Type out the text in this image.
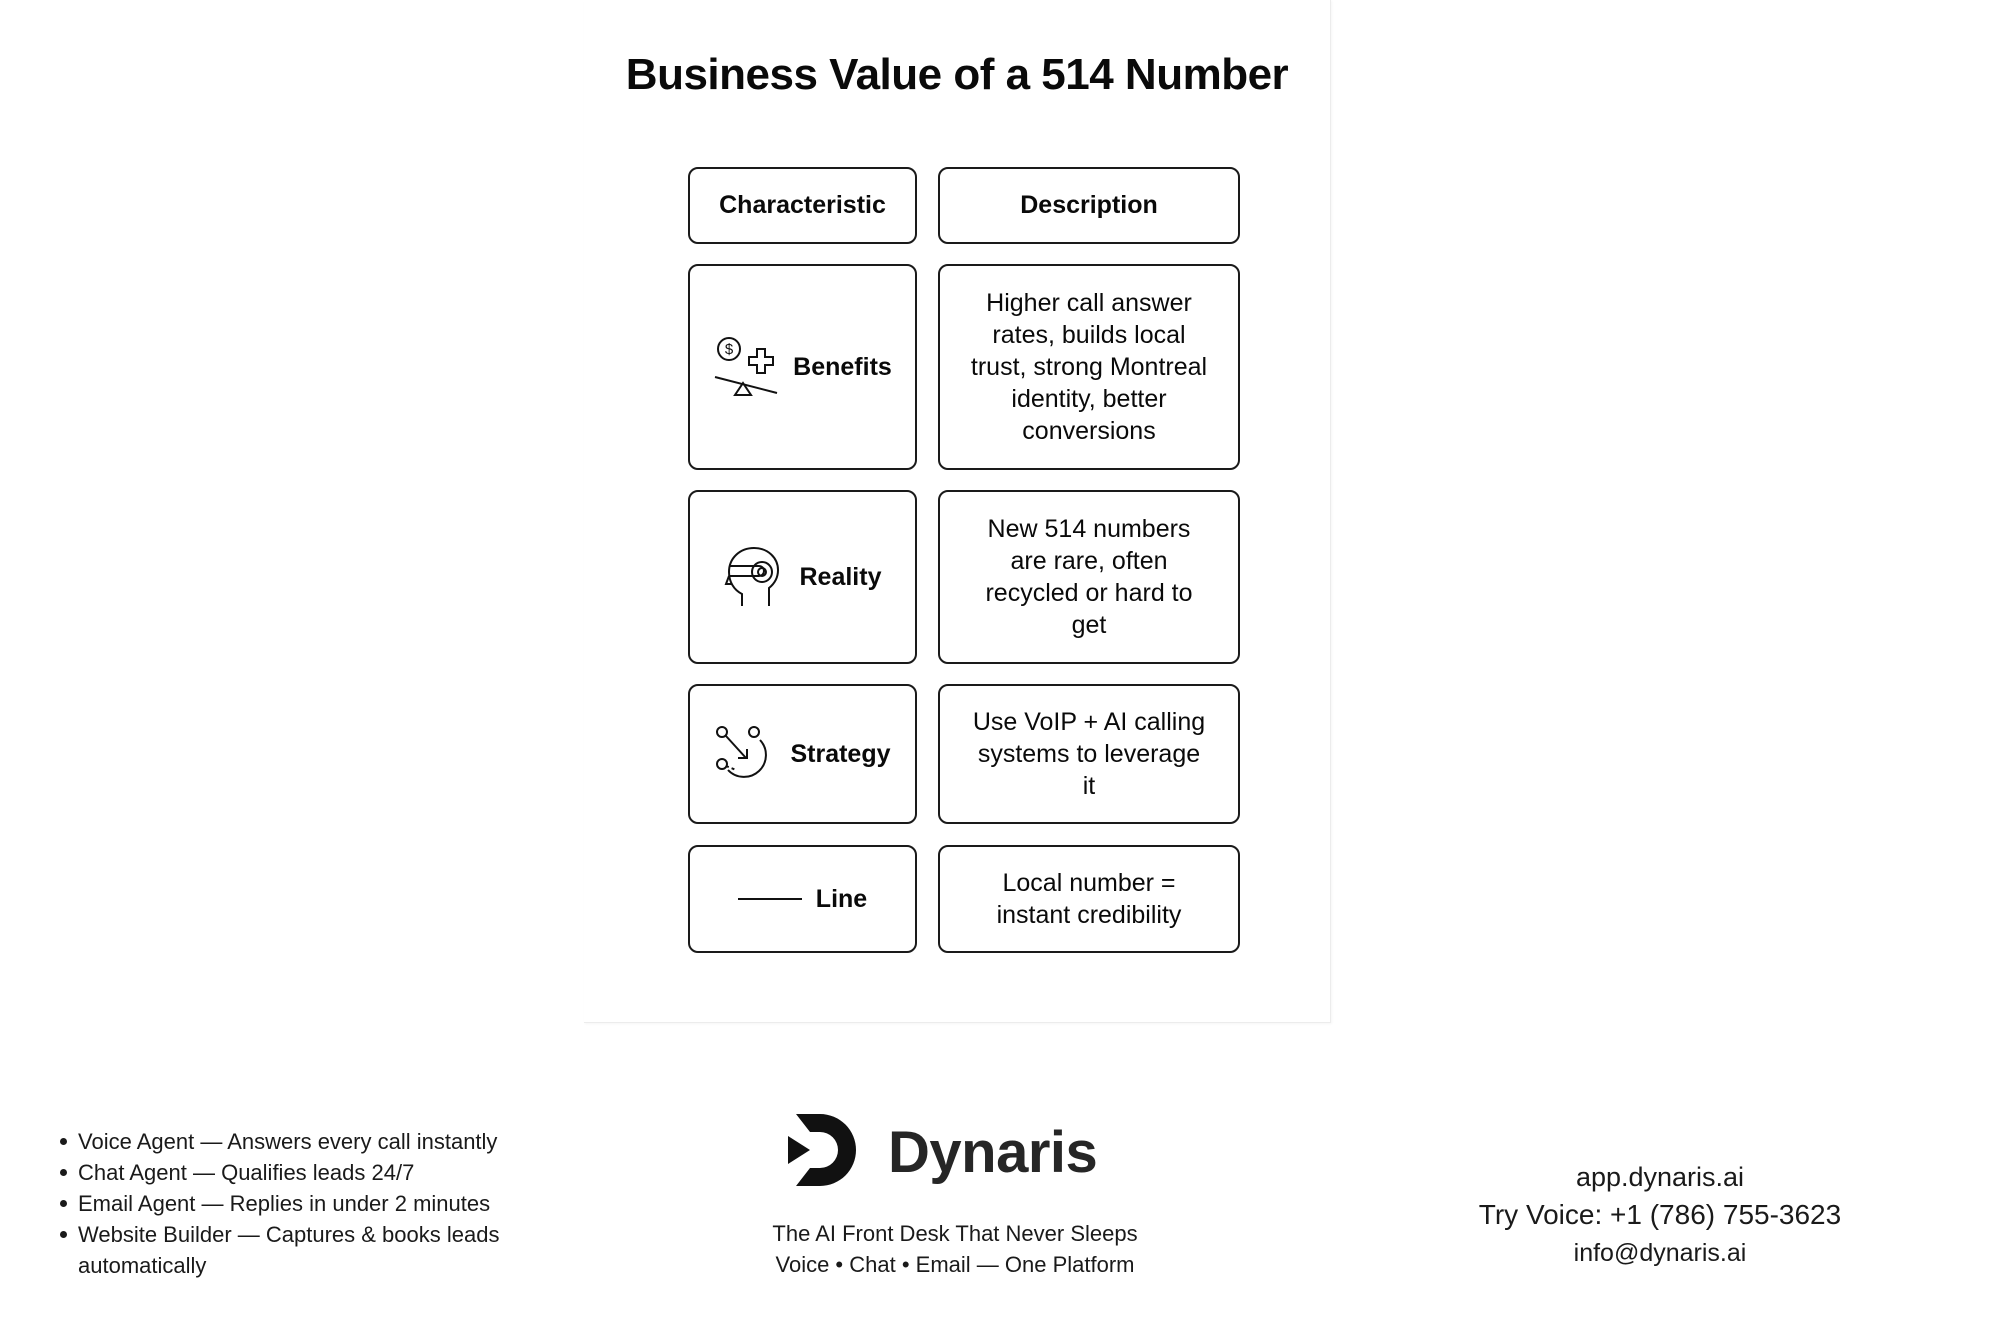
Business Value of a 514 Number
Characteristic	Description
$
Benefits
Higher call answer rates, builds local trust, strong Montreal identity, better conversions
Reality
New 514 numbers are rare, often recycled or hard to get
Strategy
Use VoIP + AI calling systems to leverage it
Line
Local number = instant credibility
Voice Agent — Answers every call instantly
Chat Agent — Qualifies leads 24/7
Email Agent — Replies in under 2 minutes
Website Builder — Captures & books leads automatically
Dynaris
The AI Front Desk That Never Sleeps
Voice • Chat • Email — One Platform
app.dynaris.ai
Try Voice: +1 (786) 755-3623
info@dynaris.ai
